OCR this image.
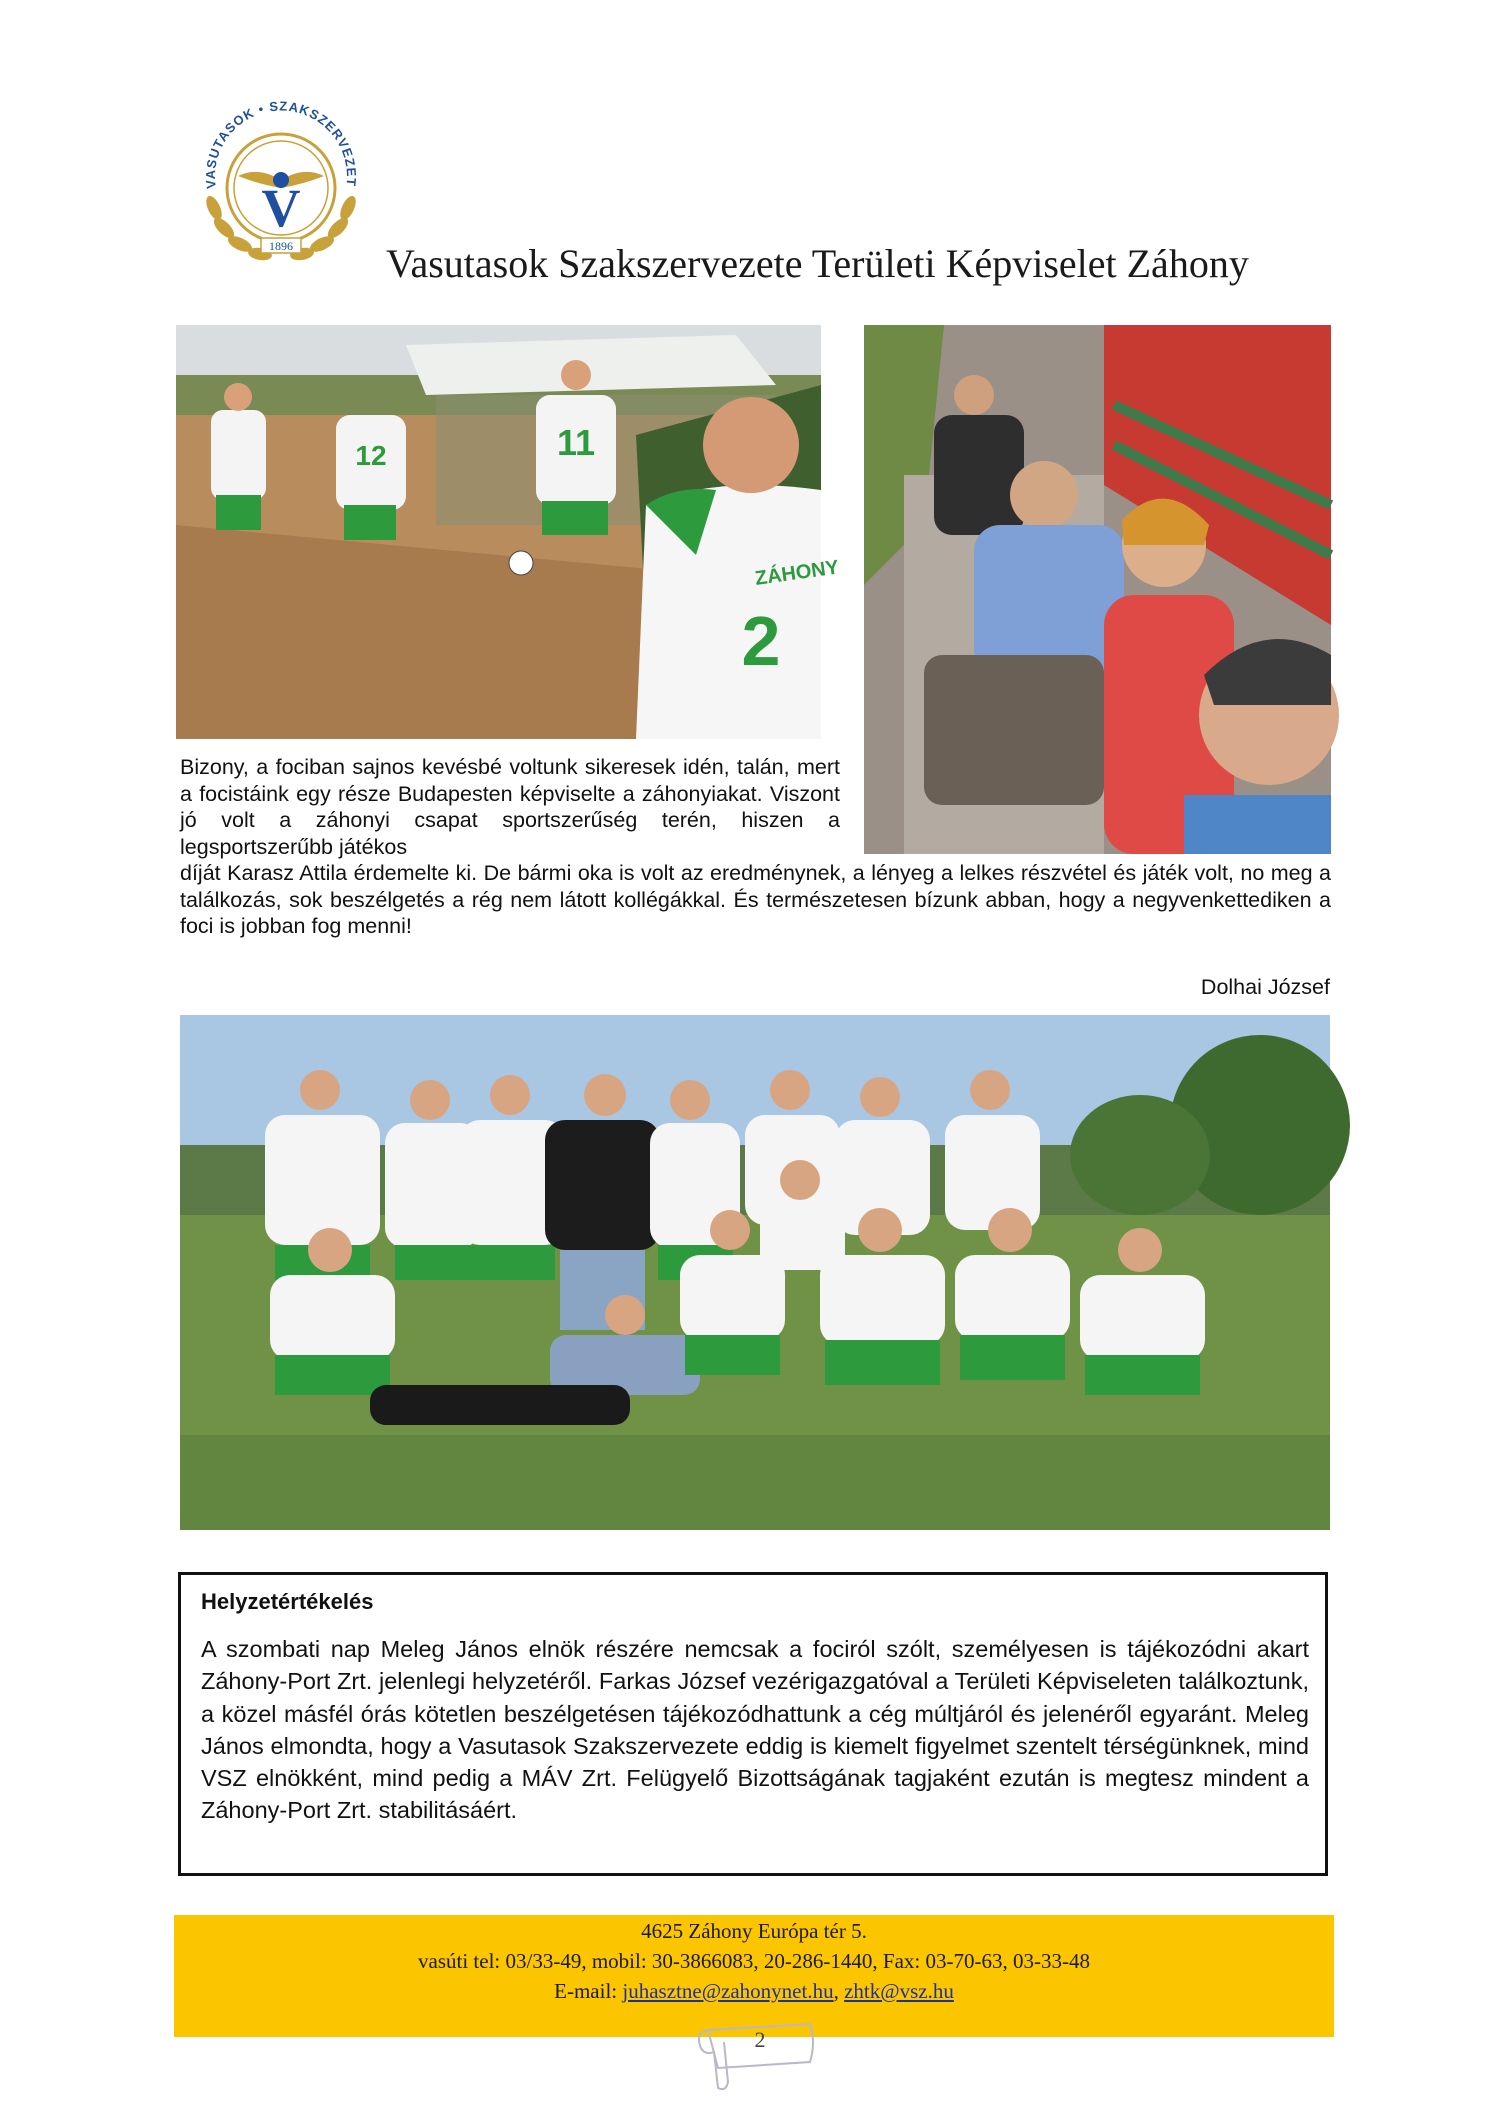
VASUTASOK • SZAKSZERVEZET
V
1896 Vasutasok Szakszervezete Területi Képviselet Záhony
12	11
ZÁHONY
2
Bizony, a fociban sajnos kevésbé voltunk sikeresek idén, talán, mert a focistáink egy része Budapesten képviselte a záhonyiakat. Viszont jó volt a záhonyi csapat sportszerűség terén, hiszen a legsportszerűbb játékos
díját Karasz Attila érdemelte ki. De bármi oka is volt az eredménynek, a lényeg a lelkes részvétel és játék volt, no meg a találkozás, sok beszélgetés a rég nem látott kollégákkal. És természetesen bízunk abban, hogy a negyvenkettediken a foci is jobban fog menni!
Dolhai József
Helyzetértékelés
A szombati nap Meleg János elnök részére nemcsak a fociról szólt, személyesen is tájékozódni akart Záhony-Port Zrt. jelenlegi helyzetéről. Farkas József vezérigazgatóval a Területi Képviseleten találkoztunk, a közel másfél órás kötetlen beszélgetésen tájékozódhattunk a cég múltjáról és jelenéről egyaránt. Meleg János elmondta, hogy a Vasutasok Szakszervezete eddig is kiemelt figyelmet szentelt térségünknek, mind VSZ elnökként, mind pedig a MÁV Zrt. Felügyelő Bizottságának tagjaként ezután is megtesz mindent a Záhony-Port Zrt. stabilitásáért.
4625 Záhony Európa tér 5.
vasúti tel: 03/33-49, mobil: 30-3866083, 20-286-1440, Fax: 03-70-63, 03-33-48
E-mail: juhasztne@zahonynet.hu, zhtk@vsz.hu
2
